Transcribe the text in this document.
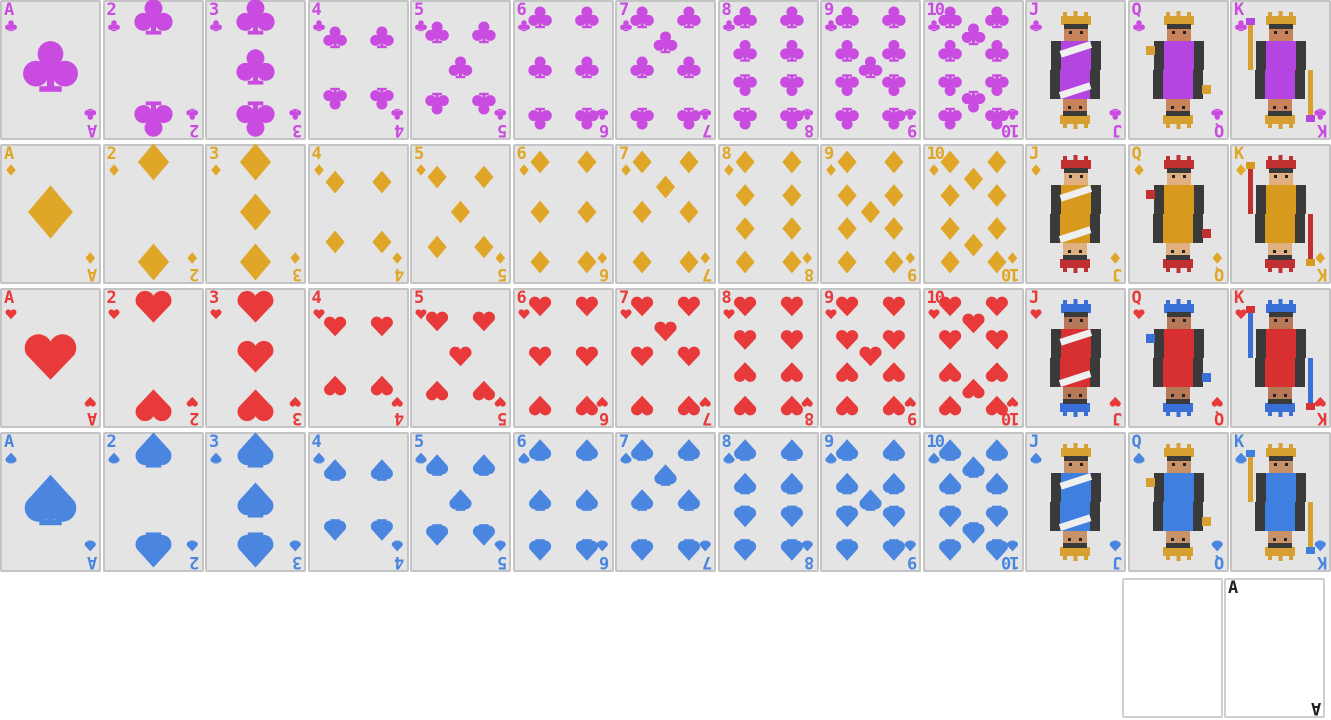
A
A
2
2
3
3
4
4
5
5
6
6
7
7
8
8
9
9
10
10
J
J
Q
Q
K
K
A
A
2
2
3
3
4
4
5
5
6
6
7
7
8
8
9
9
10
10
J
J
Q
Q
K
K
A
A
2
2
3
3
4
4
5
5
6
6
7
7
8
8
9
9
10
10
J
J
Q
Q
K
K
A
A
2
2
3
3
4
4
5
5
6
6
7
7
8
8
9
9
10
10
J
J
Q
Q
K
K
A
A
